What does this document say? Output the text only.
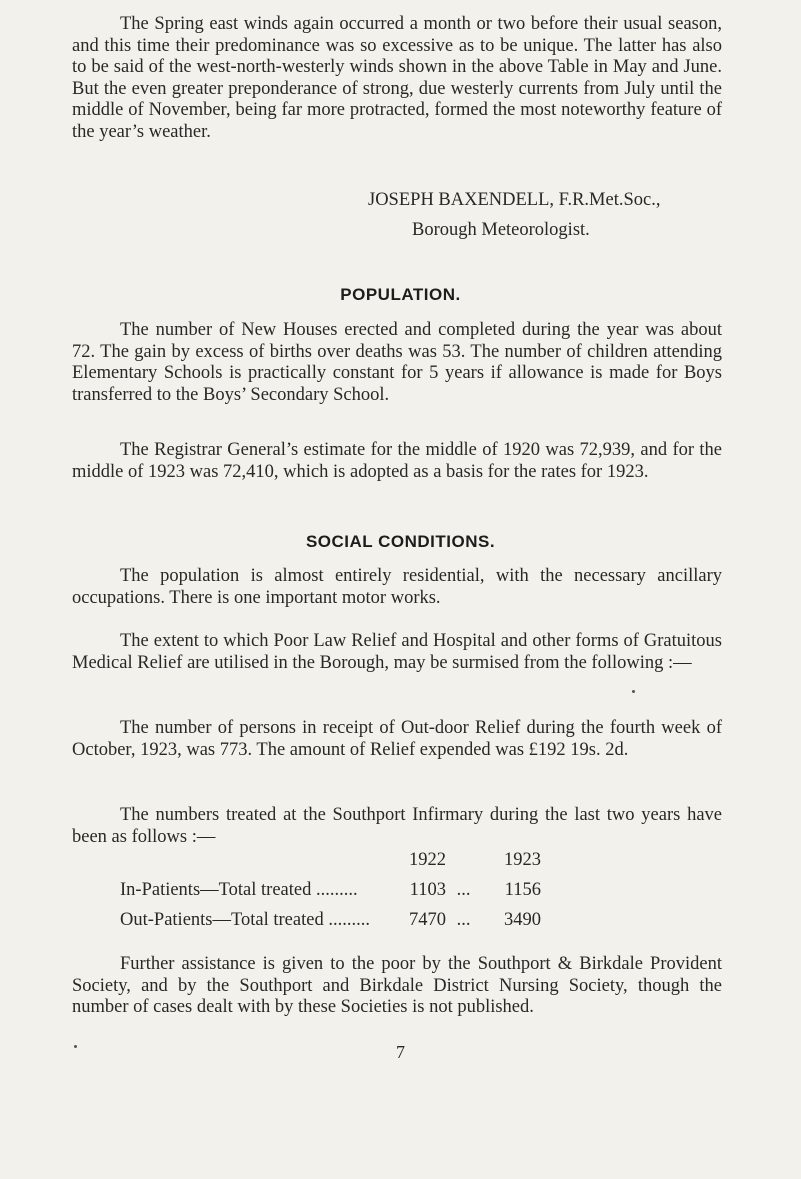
The Spring east winds again occurred a month or two before their usual season, and this time their predominance was so excessive as to be unique. The latter has also to be said of the west-north-westerly winds shown in the above Table in May and June. But the even greater preponderance of strong, due westerly currents from July until the middle of November, being far more protracted, formed the most noteworthy feature of the year’s weather.

JOSEPH BAXENDELL, F.R.Met.Soc.,
Borough Meteorologist.
POPULATION.

The number of New Houses erected and completed during the year was about 72. The gain by excess of births over deaths was 53. The number of children attending Elementary Schools is practically constant for 5 years if allowance is made for Boys transferred to the Boys’ Secondary School.

The Registrar General’s estimate for the middle of 1920 was 72,939, and for the middle of 1923 was 72,410, which is adopted as a basis for the rates for 1923.

SOCIAL CONDITIONS.

The population is almost entirely residential, with the necessary ancillary occupations. There is one important motor works.

The extent to which Poor Law Relief and Hospital and other forms of Gratuitous Medical Relief are utilised in the Borough, may be surmised from the following :—

The number of persons in receipt of Out-door Relief during the fourth week of October, 1923, was 773. The amount of Relief expended was £192 19s. 2d.

The numbers treated at the Southport Infirmary during the last two years have been as follows :—

	1922		1923
In-Patients—Total treated .........	1103	...	1156
Out-Patients—Total treated .........	7470	...	3490

Further assistance is given to the poor by the Southport & Birkdale Provident Society, and by the Southport and Birkdale District Nursing Society, though the number of cases dealt with by these Societies is not published.

7
